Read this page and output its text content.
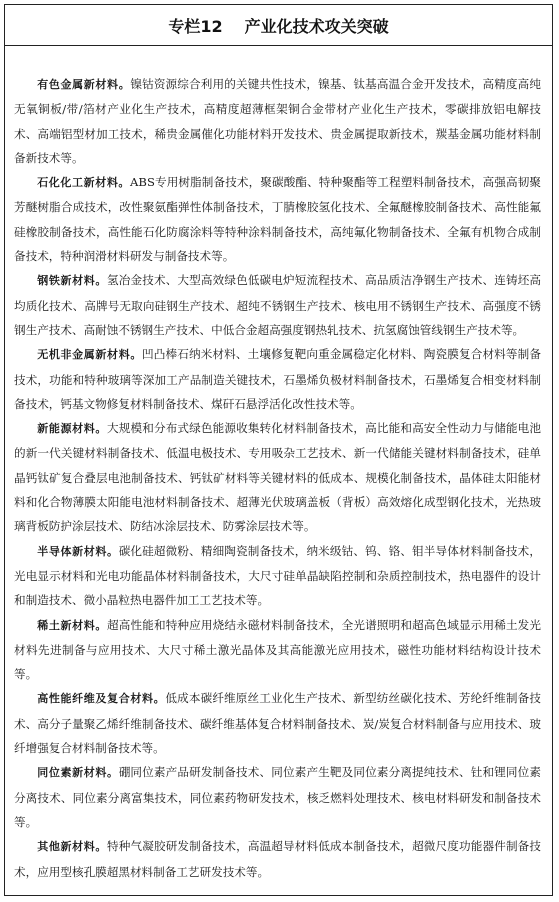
专栏12 产业化技术攻关突破

有色金属新材料。镍钴资源综合利用的关键共性技术，镍基、钛基高温合金开发技术，高精度高纯无氧铜板/带/箔材产业化生产技术，高精度超薄框架铜合金带材产业化生产技术，零碳排放铝电解技术、高端铝型材加工技术，稀贵金属催化功能材料开发技术、贵金属提取新技术，羰基金属功能材料制备新技术等。

石化化工新材料。ABS专用树脂制备技术，聚碳酸酯、特种聚酯等工程塑料制备技术，高强高韧聚芳醚树脂合成技术，改性聚氨酯弹性体制备技术，丁腈橡胶氢化技术、全氟醚橡胶制备技术、高性能氟硅橡胶制备技术，高性能石化防腐涂料等特种涂料制备技术，高纯氟化物制备技术、全氟有机物合成制备技术，特种润滑材料研发与制备技术等。

钢铁新材料。氢冶金技术、大型高效绿色低碳电炉短流程技术、高品质洁净钢生产技术、连铸坯高均质化技术、高牌号无取向硅钢生产技术、超纯不锈钢生产技术、核电用不锈钢生产技术、高强度不锈钢生产技术、高耐蚀不锈钢生产技术、中低合金超高强度钢热轧技术、抗氢腐蚀管线钢生产技术等。

无机非金属新材料。凹凸棒石纳米材料、土壤修复靶向重金属稳定化材料、陶瓷膜复合材料等制备技术，功能和特种玻璃等深加工产品制造关键技术，石墨烯负极材料制备技术，石墨烯复合相变材料制备技术，钙基文物修复材料制备技术、煤矸石悬浮活化改性技术等。

新能源材料。大规模和分布式绿色能源收集转化材料制备技术，高比能和高安全性动力与储能电池的新一代关键材料制备技术、低温电极技术、专用吸杂工艺技术、新一代储能关键材料制备技术，硅单晶钙钛矿复合叠层电池制备技术、钙钛矿材料等关键材料的低成本、规模化制备技术，晶体硅太阳能材料和化合物薄膜太阳能电池材料制备技术、超薄光伏玻璃盖板（背板）高效熔化成型钢化技术，光热玻璃背板防护涂层技术、防结冰涂层技术、防雾涂层技术等。

半导体新材料。碳化硅超微粉、精细陶瓷制备技术，纳米级钴、钨、铬、钼半导体材料制备技术，光电显示材料和光电功能晶体材料制备技术，大尺寸硅单晶缺陷控制和杂质控制技术，热电器件的设计和制造技术、微小晶粒热电器件加工工艺技术等。

稀土新材料。超高性能和特种应用烧结永磁材料制备技术，全光谱照明和超高色域显示用稀土发光材料先进制备与应用技术、大尺寸稀土激光晶体及其高能激光应用技术，磁性功能材料结构设计技术等。

高性能纤维及复合材料。低成本碳纤维原丝工业化生产技术、新型纺丝碳化技术、芳纶纤维制备技术、高分子量聚乙烯纤维制备技术、碳纤维基体复合材料制备技术、炭/炭复合材料制备与应用技术、玻纤增强复合材料制备技术等。

同位素新材料。硼同位素产品研发制备技术、同位素产生靶及同位素分离提纯技术、钍和锂同位素分离技术、同位素分离富集技术，同位素药物研发技术，核乏燃料处理技术、核电材料研发和制备技术等。

其他新材料。特种气凝胶研发制备技术，高温超导材料低成本制备技术，超微尺度功能器件制备技术，应用型核孔膜超黑材料制备工艺研发技术等。
